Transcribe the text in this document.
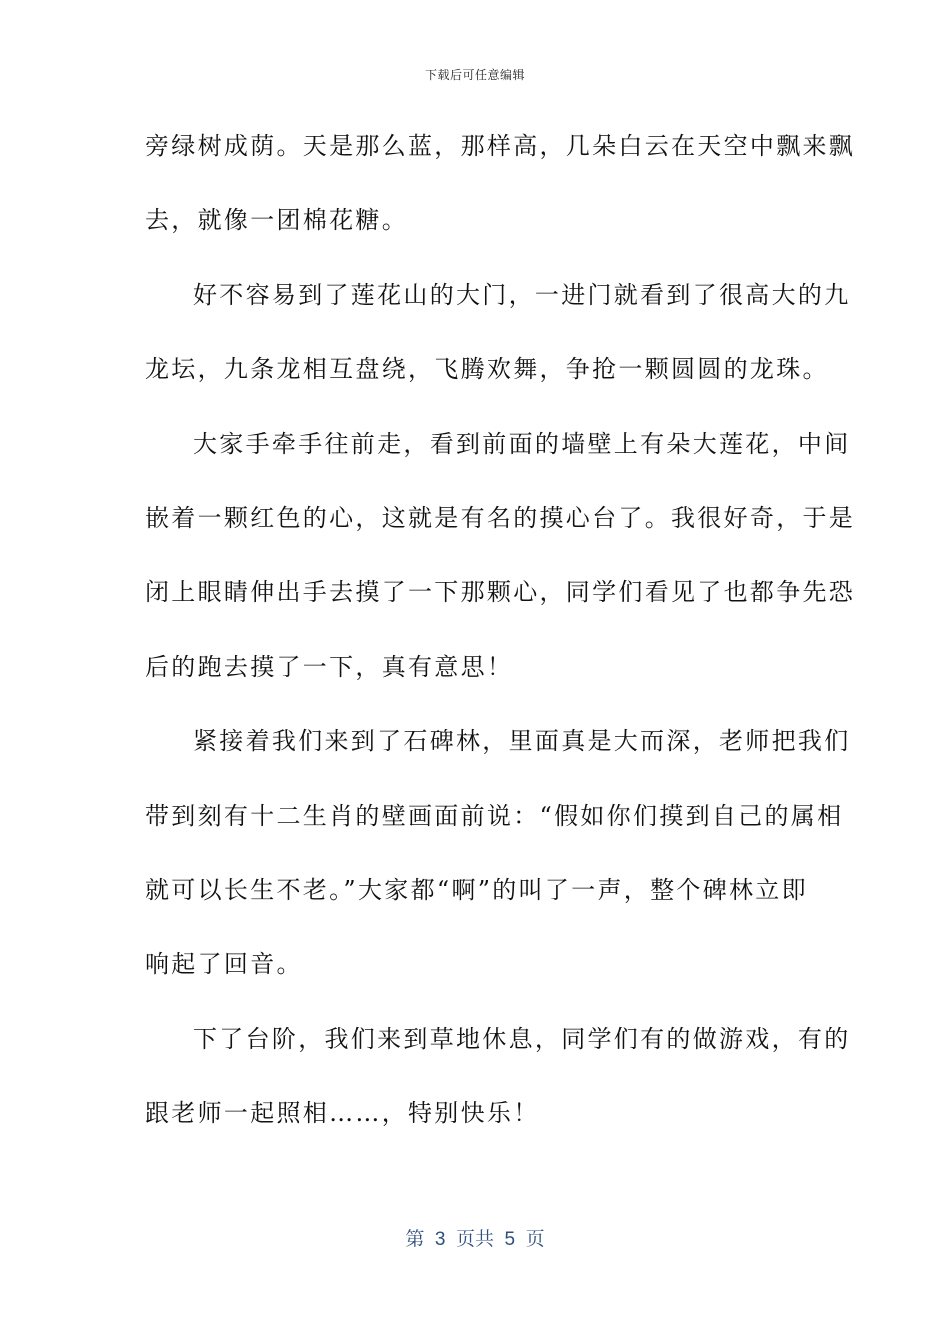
下载后可任意编辑
旁绿树成荫。天是那么蓝，那样高，几朵白云在天空中飘来飘
去，就像一团棉花糖。
好不容易到了莲花山的大门，一进门就看到了很高大的九
龙坛，九条龙相互盘绕，飞腾欢舞，争抢一颗圆圆的龙珠。
大家手牵手往前走，看到前面的墙壁上有朵大莲花，中间
嵌着一颗红色的心，这就是有名的摸心台了。我很好奇，于是
闭上眼睛伸出手去摸了一下那颗心，同学们看见了也都争先恐
后的跑去摸了一下，真有意思！
紧接着我们来到了石碑林，里面真是大而深，老师把我们
带到刻有十二生肖的壁画面前说：“假如你们摸到自己的属相
就可以长生不老。”大家都“啊”的叫了一声，整个碑林立即
响起了回音。
下了台阶，我们来到草地休息，同学们有的做游戏，有的
跟老师一起照相……，特别快乐！
第  3  页共  5  页
